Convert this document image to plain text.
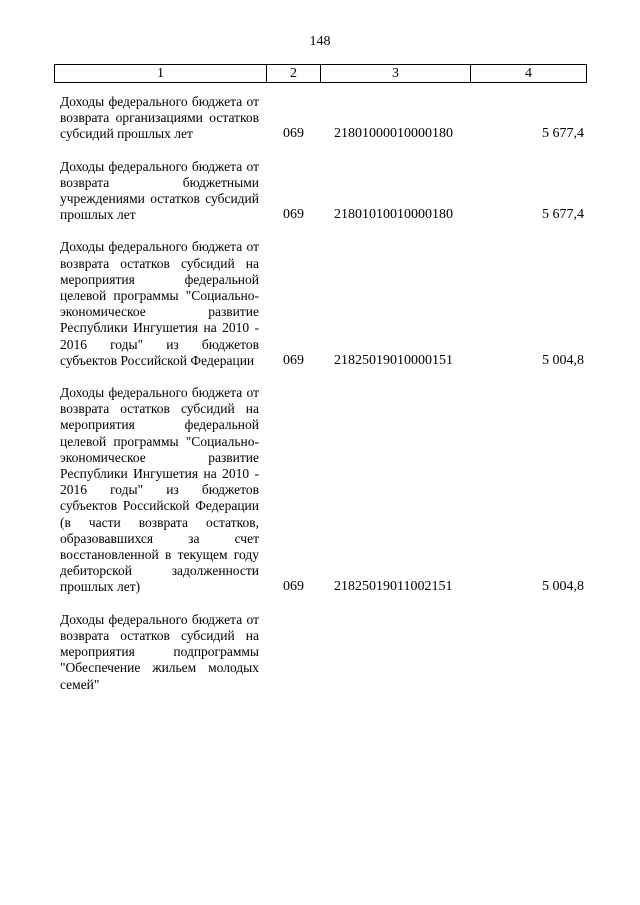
148
1	2	3	4
Доходы федерального бюджета от возврата организациями остатков субсидий прошлых лет	069 21801000010000180	5 677,4
Доходы федерального бюджета от возврата бюджетными учреждениями остатков субсидий прошлых лет	069 21801010010000180	5 677,4
Доходы федерального бюджета от возврата остатков субсидий на мероприятия федеральной целевой программы "Социально-экономическое развитие Республики Ингушетия на 2010 - 2016 годы" из бюджетов субъектов Российской Федерации	069 21825019010000151	5 004,8
Доходы федерального бюджета от возврата остатков субсидий на мероприятия федеральной целевой программы "Социально-экономическое развитие Республики Ингушетия на 2010 - 2016 годы" из бюджетов субъектов Российской Федерации (в части возврата остатков, образовавшихся за счет восстановленной в текущем году дебиторской задолженности прошлых лет)	069 21825019011002151	5 004,8
Доходы федерального бюджета от возврата остатков субсидий на мероприятия подпрограммы "Обеспечение жильем молодых семей"
